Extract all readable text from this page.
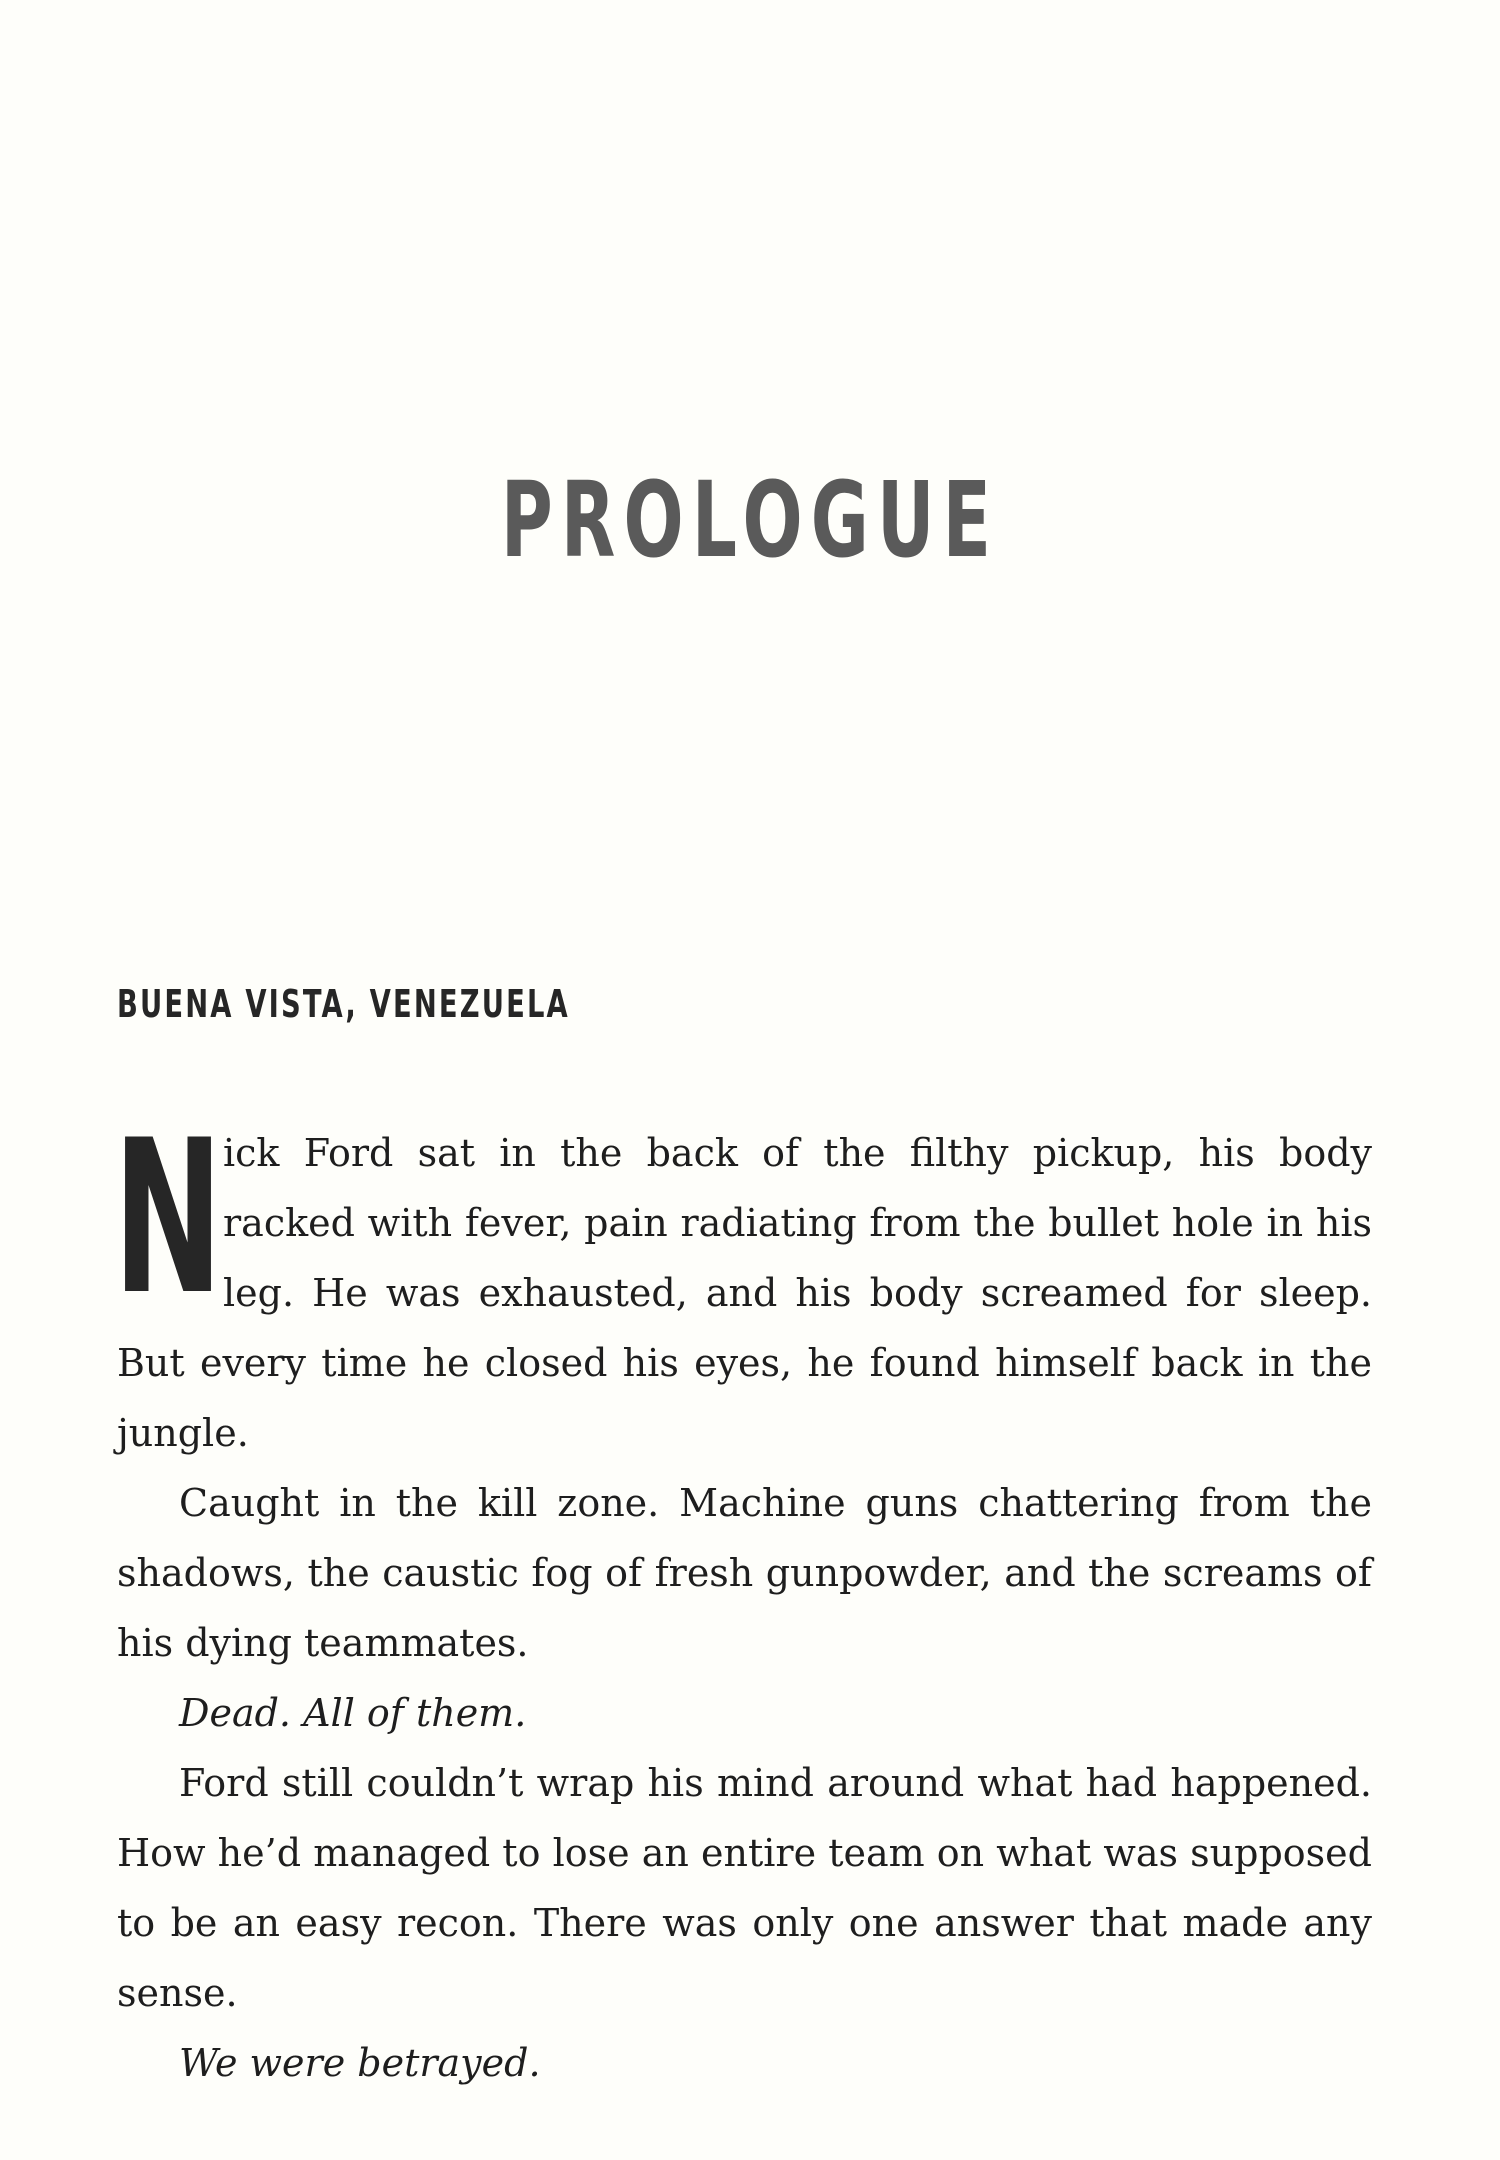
PROLOGUE
BUENA VISTA, VENEZUELA

Nick Ford sat in the back of the filthy pickup, his body racked with fever, pain radiating from the bullet hole in his leg. He was exhausted, and his body screamed for sleep. But every time he closed his eyes, he found himself back in the jungle.

Caught in the kill zone. Machine guns chattering from the shadows, the caustic fog of fresh gunpowder, and the screams of his dying teammates.

Dead. All of them.

Ford still couldn’t wrap his mind around what had happened. How he’d managed to lose an entire team on what was supposed to be an easy recon. There was only one answer that made any sense.

We were betrayed.
